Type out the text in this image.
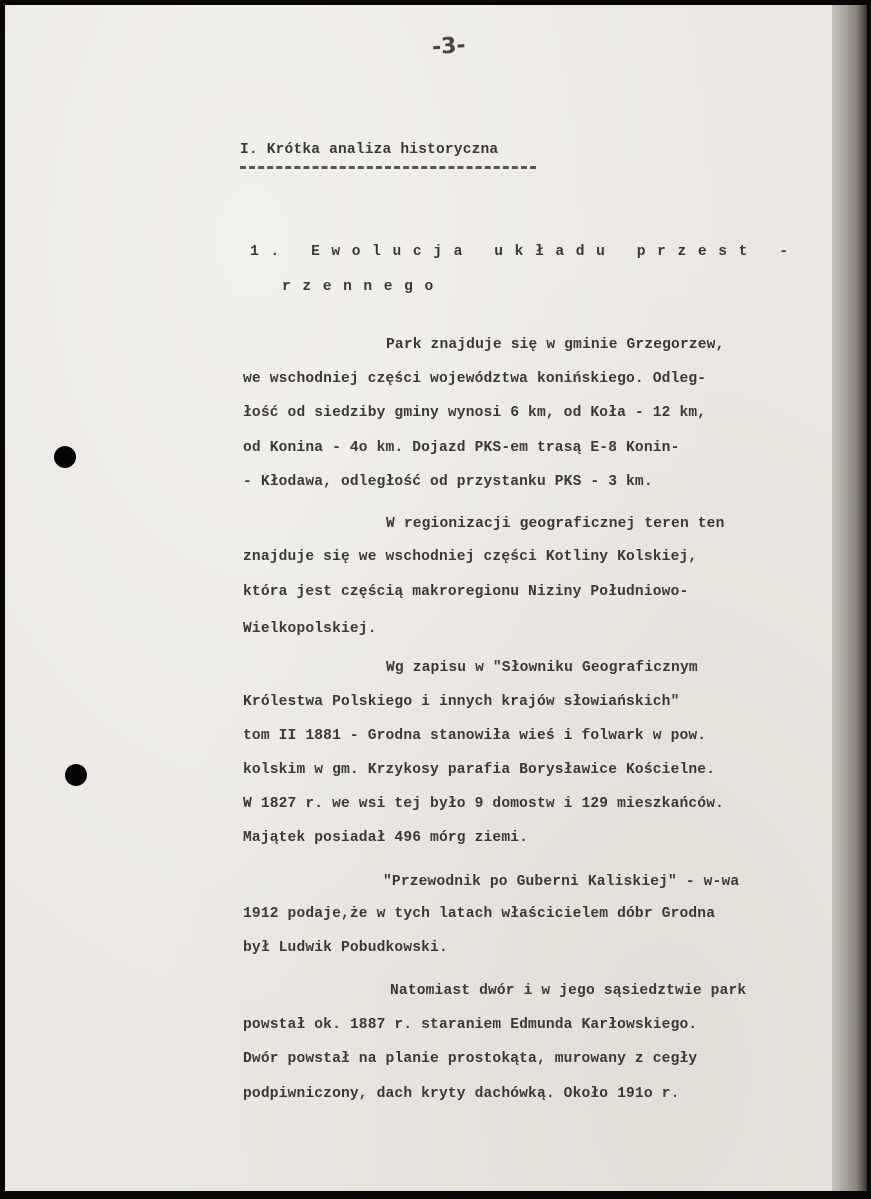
-3-
I. Krótka analiza historyczna
1. Ewolucja układu przest -
rzennego
Park znajduje się w gminie Grzegorzew,
we wschodniej części województwa konińskiego. Odleg-
łość od siedziby gminy wynosi 6 km, od Koła - 12 km,
od Konina - 4o km. Dojazd PKS-em trasą E-8 Konin-
- Kłodawa, odległość od przystanku PKS - 3 km.
W regionizacji geograficznej teren ten
znajduje się we wschodniej części Kotliny Kolskiej,
która jest częścią makroregionu Niziny Południowo-
Wielkopolskiej.
Wg zapisu w "Słowniku Geograficznym
Królestwa Polskiego i innych krajów słowiańskich"
tom II 1881 - Grodna stanowiła wieś i folwark w pow.
kolskim w gm. Krzykosy parafia Borysławice Kościelne.
W 1827 r. we wsi tej było 9 domostw i 129 mieszkańców.
Majątek posiadał 496 mórg ziemi.
"Przewodnik po Guberni Kaliskiej" - w-wa
1912 podaje,że w tych latach właścicielem dóbr Grodna
był Ludwik Pobudkowski.
Natomiast dwór i w jego sąsiedztwie park
powstał ok. 1887 r. staraniem Edmunda Karłowskiego.
Dwór powstał na planie prostokąta, murowany z cegły
podpiwniczony, dach kryty dachówką. Około 191o r.
